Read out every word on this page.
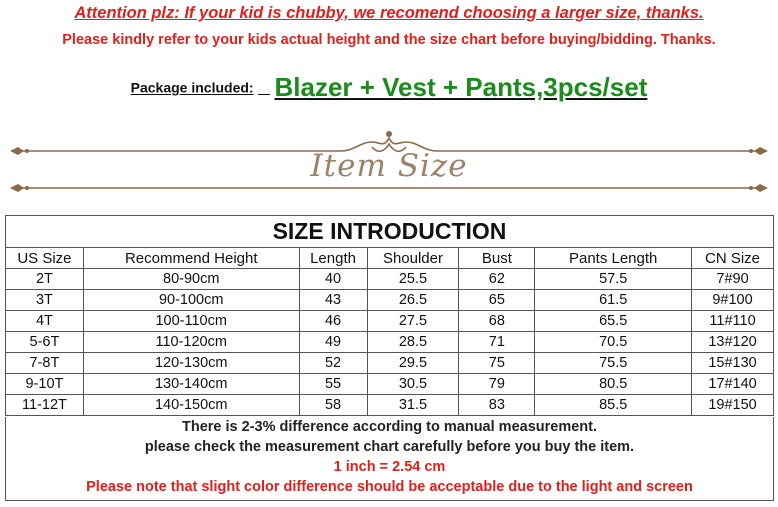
Attention plz: If your kid is chubby, we recomend choosing a larger size, thanks.
Please kindly refer to your kids actual height and the size chart before buying/bidding. Thanks.
Package included: Blazer + Vest + Pants,3pcs/set
Item Size
SIZE INTRODUCTION						
US Size	Recommend Height	Length	Shoulder	Bust	Pants Length	CN Size
2T	80-90cm	40	25.5	62	57.5	7#90
3T	90-100cm	43	26.5	65	61.5	9#100
4T	100-110cm	46	27.5	68	65.5	11#110
5-6T	110-120cm	49	28.5	71	70.5	13#120
7-8T	120-130cm	52	29.5	75	75.5	15#130
9-10T	130-140cm	55	30.5	79	80.5	17#140
11-12T	140-150cm	58	31.5	83	85.5	19#150
There is 2-3% difference according to manual measurement.
please check the measurement chart carefully before you buy the item.
1 inch = 2.54 cm
Please note that slight color difference should be acceptable due to the light and screen
